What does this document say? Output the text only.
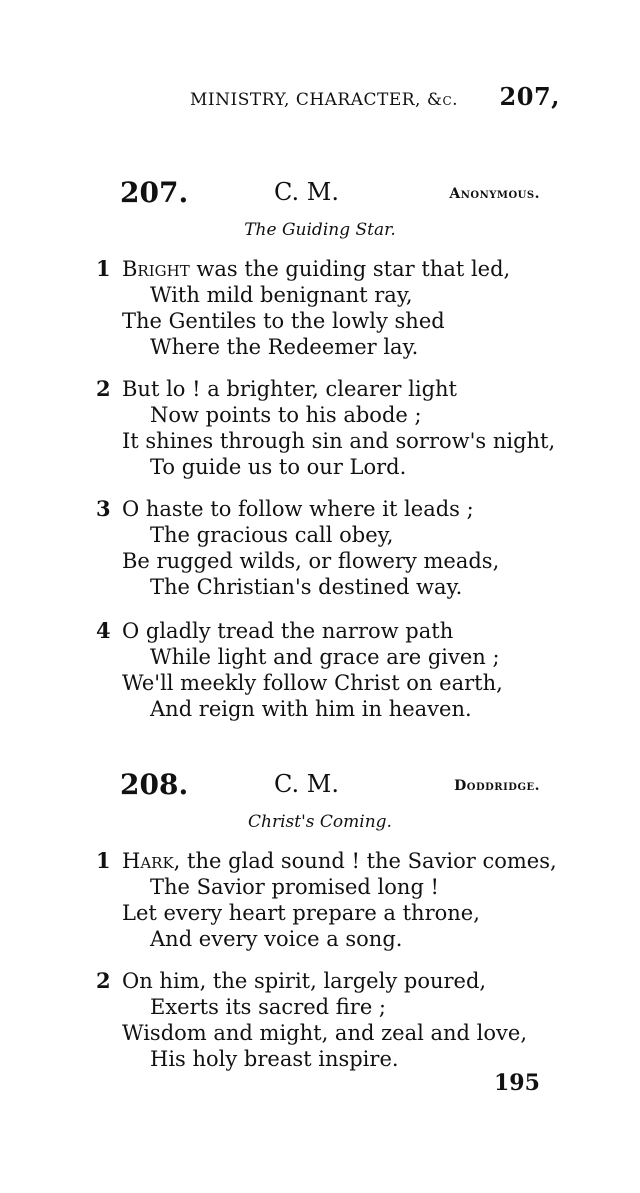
MINISTRY, CHARACTER, &c. 207,
207.	C. M.	Anonymous.
The Guiding Star.
1 Bright was the guiding star that led,
With mild benignant ray,
The Gentiles to the lowly shed
Where the Redeemer lay.
2 But lo ! a brighter, clearer light
Now points to his abode ;
It shines through sin and sorrow's night,
To guide us to our Lord.
3 O haste to follow where it leads ;
The gracious call obey,
Be rugged wilds, or flowery meads,
The Christian's destined way.
4 O gladly tread the narrow path
While light and grace are given ;
We'll meekly follow Christ on earth,
And reign with him in heaven.
208.	C. M.	Doddridge.
Christ's Coming.
1 Hark, the glad sound ! the Savior comes,
The Savior promised long !
Let every heart prepare a throne,
And every voice a song.
2 On him, the spirit, largely poured,
Exerts its sacred fire ;
Wisdom and might, and zeal and love,
His holy breast inspire.
195
